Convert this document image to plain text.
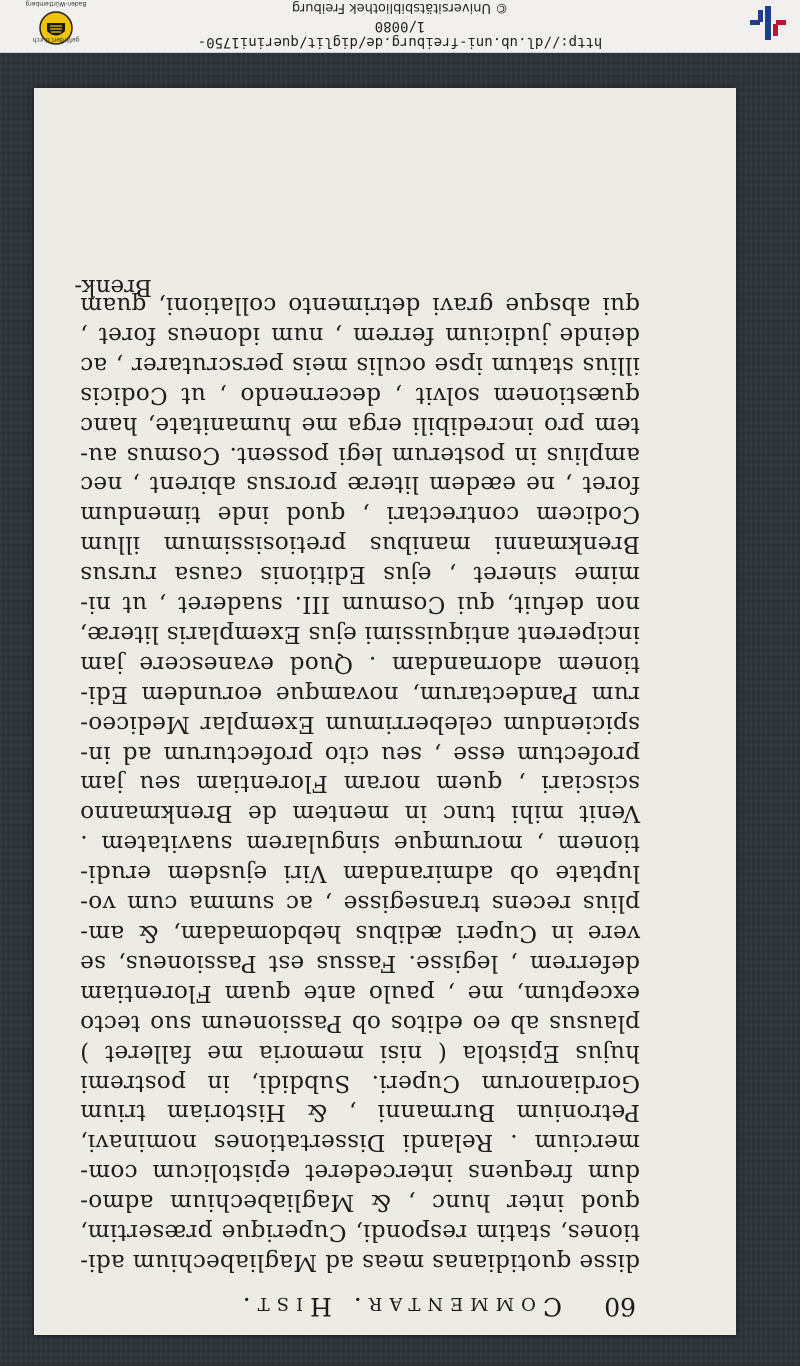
© Universitätsbibliothek Freiburg
http://dl.ub.uni-freiburg.de/diglit/querini1750-1/0080
Baden-Württemberg
gefördert durch
60
Commentar. Hist.
disse quotidianas meas ad Magliabechium adi-
tiones, statim respondi, Cuperique præsertim,
quod inter hunc , & Magliabechium admo-
dum frequens intercederet epistolicum com-
mercium . Relandi Dissertationes nominavi,
Petronium Burmanni , & Historiam trium
Gordianorum Cuperi. Subdidi, in postremi
hujus Epistola ( nisi memoria me falleret )
plausus ab eo editos ob Passioneum suo tecto
exceptum, me , paulo ante quam Florentiam
deferrem , legisse. Fassus est Passioneus, se
vere in Cuperi ædibus hebdomadam, & am-
plius recens transegisse , ac summa cum vo-
luptate ob admirandam Viri ejusdem erudi-
tionem , morumque singularem suavitatem .
Venit mihi tunc in mentem de Brenkmanno
scisciari , quem noram Florentiam seu jam
profectum esse , seu cito profecturum ad in-
spiciendum celeberrimum Exemplar Mediceo-
rum Pandectarum, novamque eorundem Edi-
tionem adornandam . Quod evanescere jam
inciperent antiquissimi ejus Exemplaris literæ,
non defuit, qui Cosmum III. suaderet , ut ni-
mime sineret , ejus Editionis causa rursus
Brenkmanni manibus pretiosissimum illum
Codicem contrectari , quod inde timendum
foret , ne eædem literæ prorsus abirent , nec
amplius in posterum legi possent. Cosmus au-
tem pro incredibili erga me humanitate, hanc
quæstionem solvit , decernendo , ut Codicis
illius statum ipse oculis meis perscrutarer , ac
deinde judicium ferrem , num idoneus foret ,
qui absque gravi detrimento collationi, quam
Brenk-
